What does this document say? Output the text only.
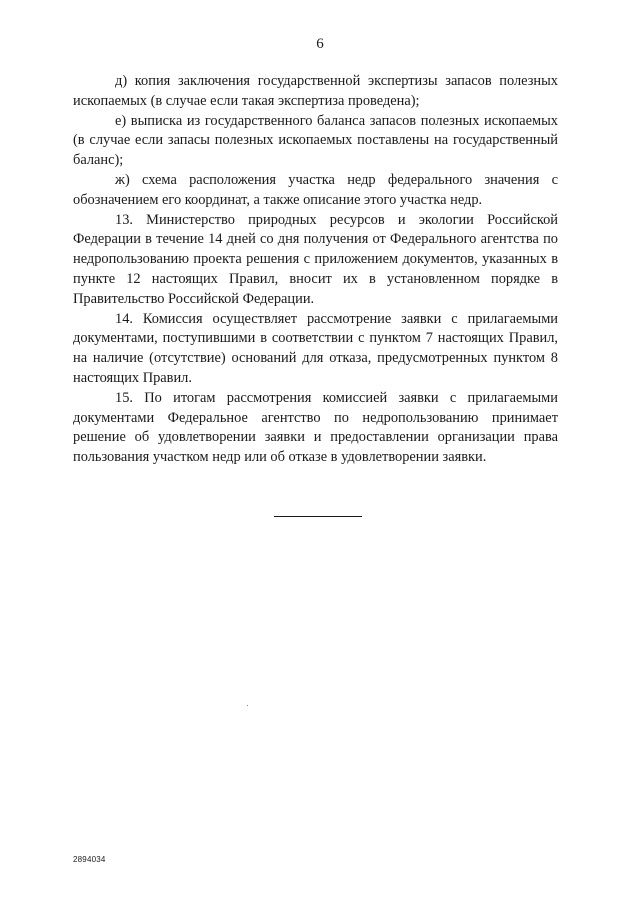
6

д) копия заключения государственной экспертизы запасов полезных ископаемых (в случае если такая экспертиза проведена);

е) выписка из государственного баланса запасов полезных ископаемых (в случае если запасы полезных ископаемых поставлены на государственный баланс);

ж) схема расположения участка недр федерального значения с обозначением его координат, а также описание этого участка недр.

13. Министерство природных ресурсов и экологии Российской Федерации в течение 14 дней со дня получения от Федерального агентства по недропользованию проекта решения с приложением документов, указанных в пункте 12 настоящих Правил, вносит их в установленном порядке в Правительство Российской Федерации.

14. Комиссия осуществляет рассмотрение заявки с прилагаемыми документами, поступившими в соответствии с пунктом 7 настоящих Правил, на наличие (отсутствие) оснований для отказа, предусмотренных пунктом 8 настоящих Правил.

15. По итогам рассмотрения комиссией заявки с прилагаемыми документами Федеральное агентство по недропользованию принимает решение об удовлетворении заявки и предоставлении организации права пользования участком недр или об отказе в удовлетворении заявки.

2894034
